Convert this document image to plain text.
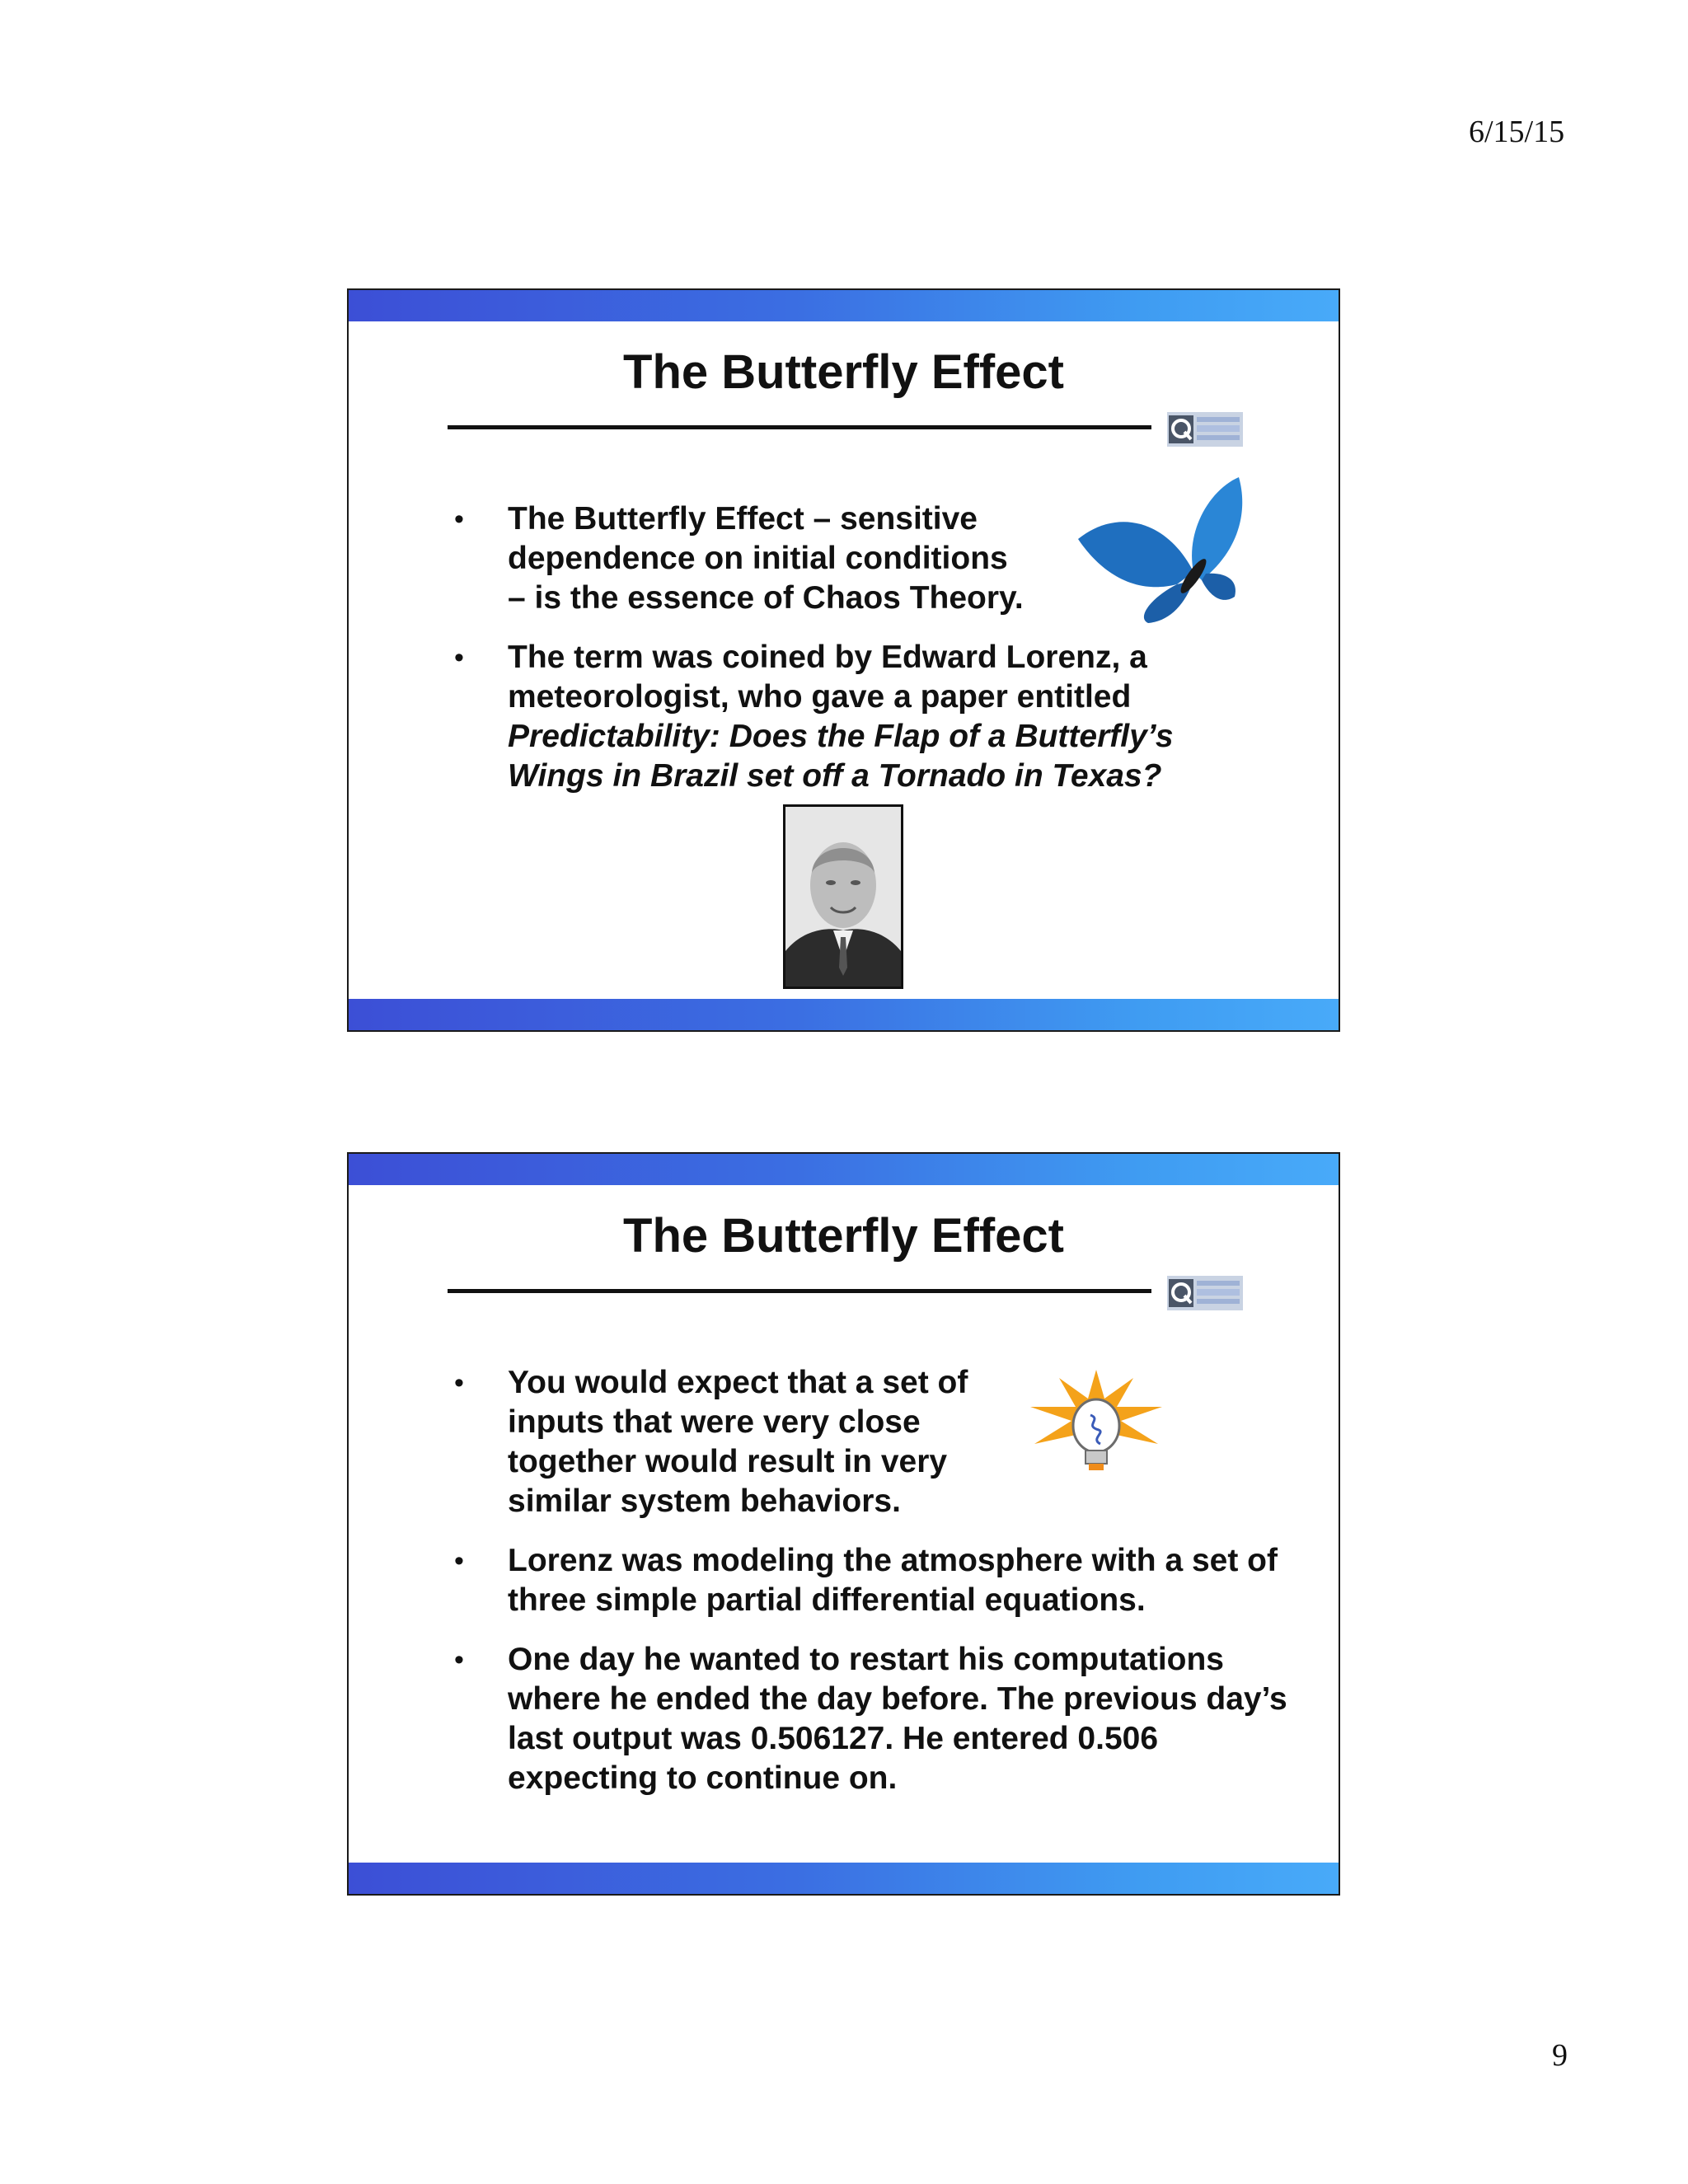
6/15/15
The Butterfly Effect
• The Butterfly Effect – sensitive
dependence on initial conditions
– is the essence of Chaos Theory.
• The term was coined by Edward Lorenz, a meteorologist, who gave a paper entitled Predictability: Does the Flap of a Butterfly’s Wings in Brazil set off a Tornado in Texas?
The Butterfly Effect
• You would expect that a set of inputs that were very close together would result in very similar system behaviors.
• Lorenz was modeling the atmosphere with a set of three simple partial differential equations.
• One day he wanted to restart his computations where he ended the day before. The previous day’s last output was 0.506127. He entered 0.506 expecting to continue on.
9
